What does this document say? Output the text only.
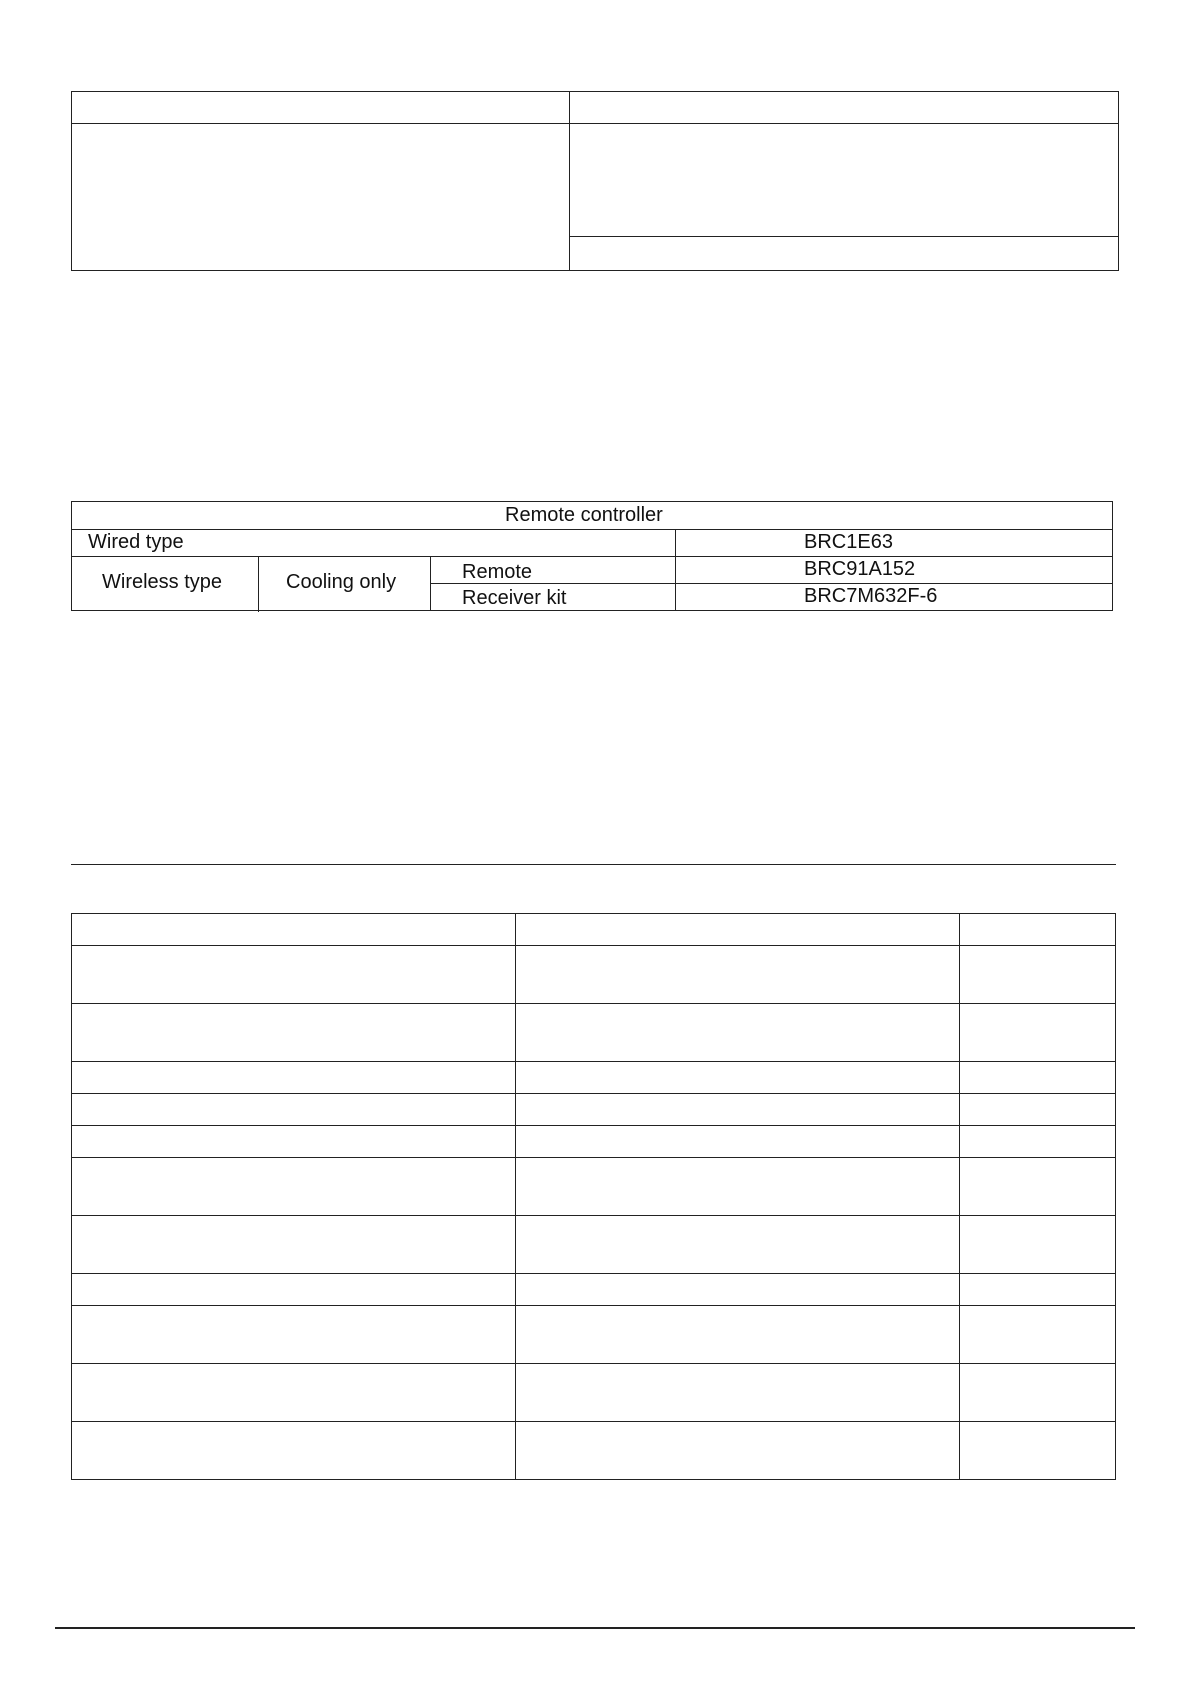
Remote controller
Wired type	BRC1E63
Wireless type	Cooling only	Remote	BRC91A152
Receiver kit	BRC7M632F-6
